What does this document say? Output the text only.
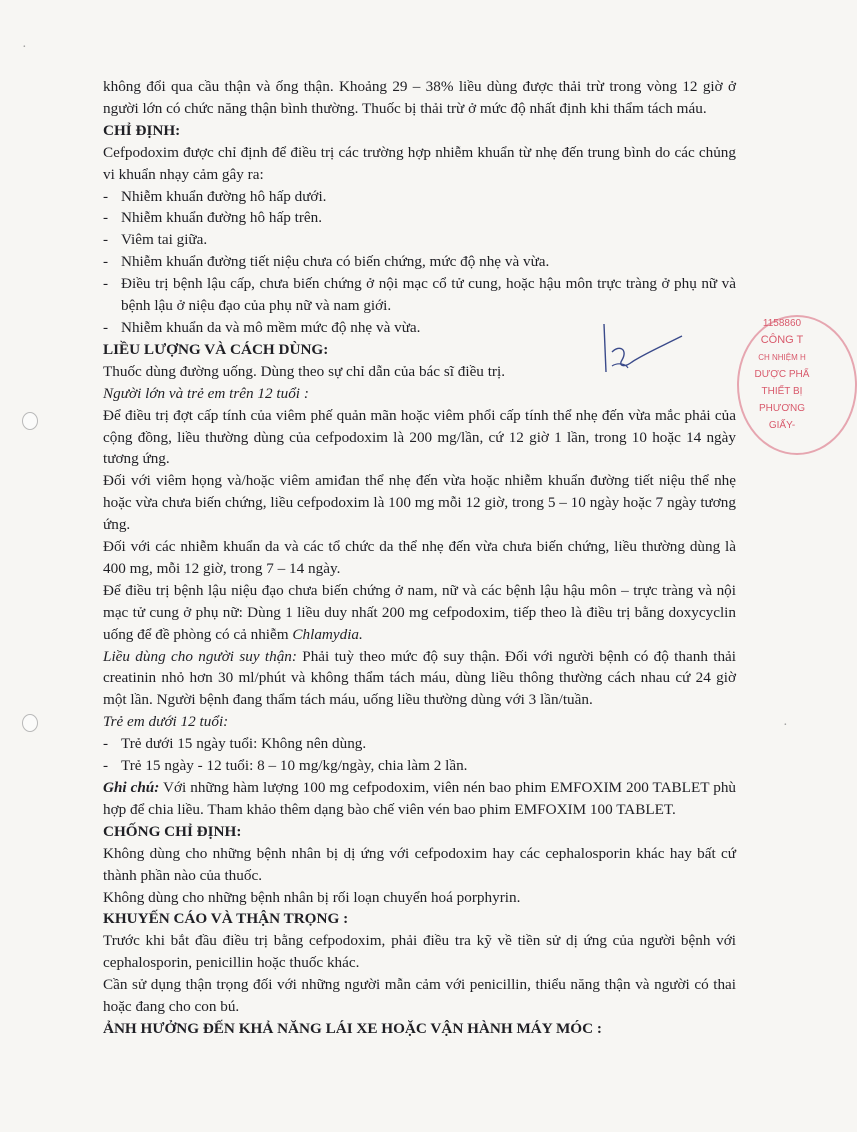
·
·
không đổi qua cầu thận và ống thận. Khoảng 29 – 38% liều dùng được thải trừ trong vòng 12 giờ ở người lớn có chức năng thận bình thường. Thuốc bị thải trừ ở mức độ nhất định khi thẩm tách máu.
CHỈ ĐỊNH:
Cefpodoxim được chỉ định để điều trị các trường hợp nhiễm khuẩn từ nhẹ đến trung bình do các chủng vi khuẩn nhạy cảm gây ra:
- Nhiễm khuẩn đường hô hấp dưới.
- Nhiễm khuẩn đường hô hấp trên.
- Viêm tai giữa.
- Nhiễm khuẩn đường tiết niệu chưa có biến chứng, mức độ nhẹ và vừa.
- Điều trị bệnh lậu cấp, chưa biến chứng ở nội mạc cổ tử cung, hoặc hậu môn trực tràng ở phụ nữ và bệnh lậu ở niệu đạo của phụ nữ và nam giới.
- Nhiễm khuẩn da và mô mềm mức độ nhẹ và vừa.
LIỀU LƯỢNG VÀ CÁCH DÙNG:
Thuốc dùng đường uống. Dùng theo sự chỉ dẫn của bác sĩ điều trị.
Người lớn và trẻ em trên 12 tuổi :
Để điều trị đợt cấp tính của viêm phế quản mãn hoặc viêm phổi cấp tính thể nhẹ đến vừa mắc phải của cộng đồng, liều thường dùng của cefpodoxim là 200 mg/lần, cứ 12 giờ 1 lần, trong 10 hoặc 14 ngày tương ứng.
Đối với viêm họng và/hoặc viêm amiđan thể nhẹ đến vừa hoặc nhiễm khuẩn đường tiết niệu thể nhẹ hoặc vừa chưa biến chứng, liều cefpodoxim là 100 mg mỗi 12 giờ, trong 5 – 10 ngày hoặc 7 ngày tương ứng.
Đối với các nhiễm khuẩn da và các tổ chức da thể nhẹ đến vừa chưa biến chứng, liều thường dùng là 400 mg, mỗi 12 giờ, trong 7 – 14 ngày.
Để điều trị bệnh lậu niệu đạo chưa biến chứng ở nam, nữ và các bệnh lậu hậu môn – trực tràng và nội mạc tử cung ở phụ nữ: Dùng 1 liều duy nhất 200 mg cefpodoxim, tiếp theo là điều trị bằng doxycyclin uống để đề phòng có cả nhiễm Chlamydia.
Liều dùng cho người suy thận: Phải tuỳ theo mức độ suy thận. Đối với người bệnh có độ thanh thải creatinin nhỏ hơn 30 ml/phút và không thẩm tách máu, dùng liều thông thường cách nhau cứ 24 giờ một lần. Người bệnh đang thẩm tách máu, uống liều thường dùng với 3 lần/tuần.
Trẻ em dưới 12 tuổi:
- Trẻ dưới 15 ngày tuổi: Không nên dùng.
- Trẻ 15 ngày - 12 tuổi: 8 – 10 mg/kg/ngày, chia làm 2 lần.
Ghi chú: Với những hàm lượng 100 mg cefpodoxim, viên nén bao phim EMFOXIM 200 TABLET phù hợp để chia liều. Tham khảo thêm dạng bào chế viên vén bao phim EMFOXIM 100 TABLET.
CHỐNG CHỈ ĐỊNH:
Không dùng cho những bệnh nhân bị dị ứng với cefpodoxim hay các cephalosporin khác hay bất cứ thành phần nào của thuốc.
Không dùng cho những bệnh nhân bị rối loạn chuyển hoá porphyrin.
KHUYẾN CÁO VÀ THẬN TRỌNG :
Trước khi bắt đầu điều trị bằng cefpodoxim, phải điều tra kỹ về tiền sử dị ứng của người bệnh với cephalosporin, penicillin hoặc thuốc khác.
Cần sử dụng thận trọng đối với những người mẫn cảm với penicillin, thiểu năng thận và người có thai hoặc đang cho con bú.
ẢNH HƯỞNG ĐẾN KHẢ NĂNG LÁI XE HOẶC VẬN HÀNH MÁY MÓC :
1158860
CÔNG T
CH NHIỆM H
DƯỢC PHẨ
THIẾT BỊ
PHƯƠNG
GIẤY-
